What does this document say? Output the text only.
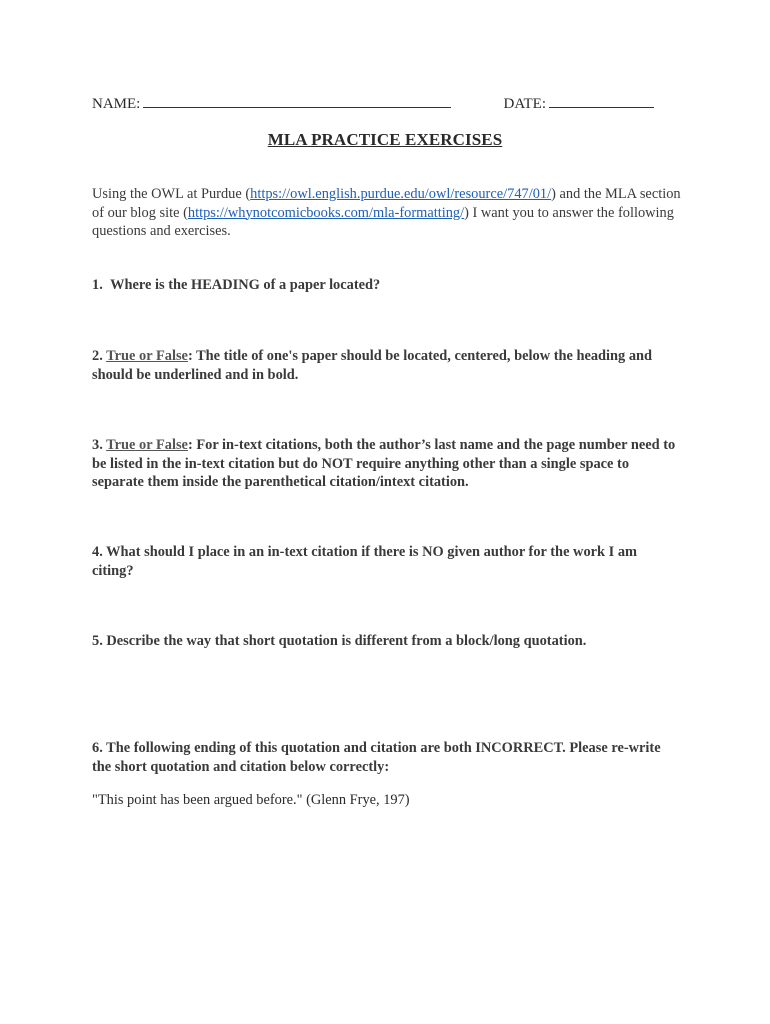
NAME:	DATE:
MLA PRACTICE EXERCISES
Using the OWL at Purdue (https://owl.english.purdue.edu/owl/resource/747/01/) and the MLA section of our blog site (https://whynotcomicbooks.com/mla-formatting/) I want you to answer the following questions and exercises.
1. Where is the HEADING of a paper located?
2. True or False: The title of one's paper should be located, centered, below the heading and should be underlined and in bold.
3. True or False: For in-text citations, both the author’s last name and the page number need to be listed in the in-text citation but do NOT require anything other than a single space to separate them inside the parenthetical citation/intext citation.
4. What should I place in an in-text citation if there is NO given author for the work I am citing?
5. Describe the way that short quotation is different from a block/long quotation.
6. The following ending of this quotation and citation are both INCORRECT. Please re-write the short quotation and citation below correctly:
"This point has been argued before." (Glenn Frye, 197)
